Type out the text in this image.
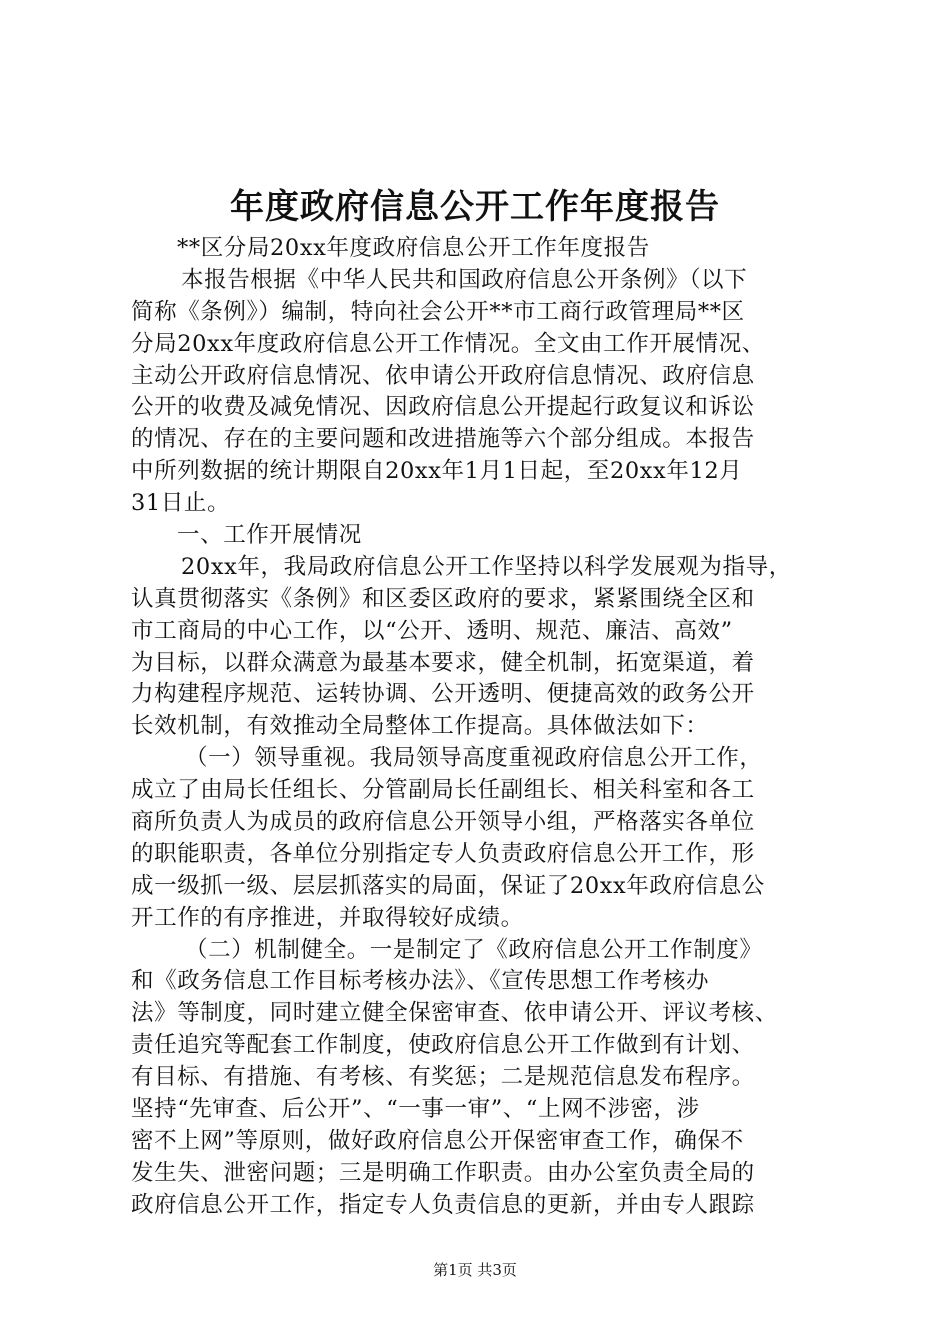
年度政府信息公开工作年度报告
**区分局20xx年度政府信息公开工作年度报告
本报告根据《中华人民共和国政府信息公开条例》（以下
简称《条例》）编制，特向社会公开**市工商行政管理局**区
分局20xx年度政府信息公开工作情况。全文由工作开展情况、
主动公开政府信息情况、依申请公开政府信息情况、政府信息
公开的收费及减免情况、因政府信息公开提起行政复议和诉讼
的情况、存在的主要问题和改进措施等六个部分组成。本报告
中所列数据的统计期限自20xx年1月1日起，至20xx年12月
31日止。
一、工作开展情况
20xx年，我局政府信息公开工作坚持以科学发展观为指导，
认真贯彻落实《条例》和区委区政府的要求，紧紧围绕全区和
市工商局的中心工作，以“公开、透明、规范、廉洁、高效”
为目标，以群众满意为最基本要求，健全机制，拓宽渠道，着
力构建程序规范、运转协调、公开透明、便捷高效的政务公开
长效机制，有效推动全局整体工作提高。具体做法如下：
（一）领导重视。我局领导高度重视政府信息公开工作，
成立了由局长任组长、分管副局长任副组长、相关科室和各工
商所负责人为成员的政府信息公开领导小组，严格落实各单位
的职能职责，各单位分别指定专人负责政府信息公开工作，形
成一级抓一级、层层抓落实的局面，保证了20xx年政府信息公
开工作的有序推进，并取得较好成绩。
（二）机制健全。一是制定了《政府信息公开工作制度》
和《政务信息工作目标考核办法》、《宣传思想工作考核办
法》等制度，同时建立健全保密审查、依申请公开、评议考核、
责任追究等配套工作制度，使政府信息公开工作做到有计划、
有目标、有措施、有考核、有奖惩；二是规范信息发布程序。
坚持“先审查、后公开”、“一事一审”、“上网不涉密，涉
密不上网”等原则，做好政府信息公开保密审查工作，确保不
发生失、泄密问题；三是明确工作职责。由办公室负责全局的
政府信息公开工作，指定专人负责信息的更新，并由专人跟踪
第1页 共3页
